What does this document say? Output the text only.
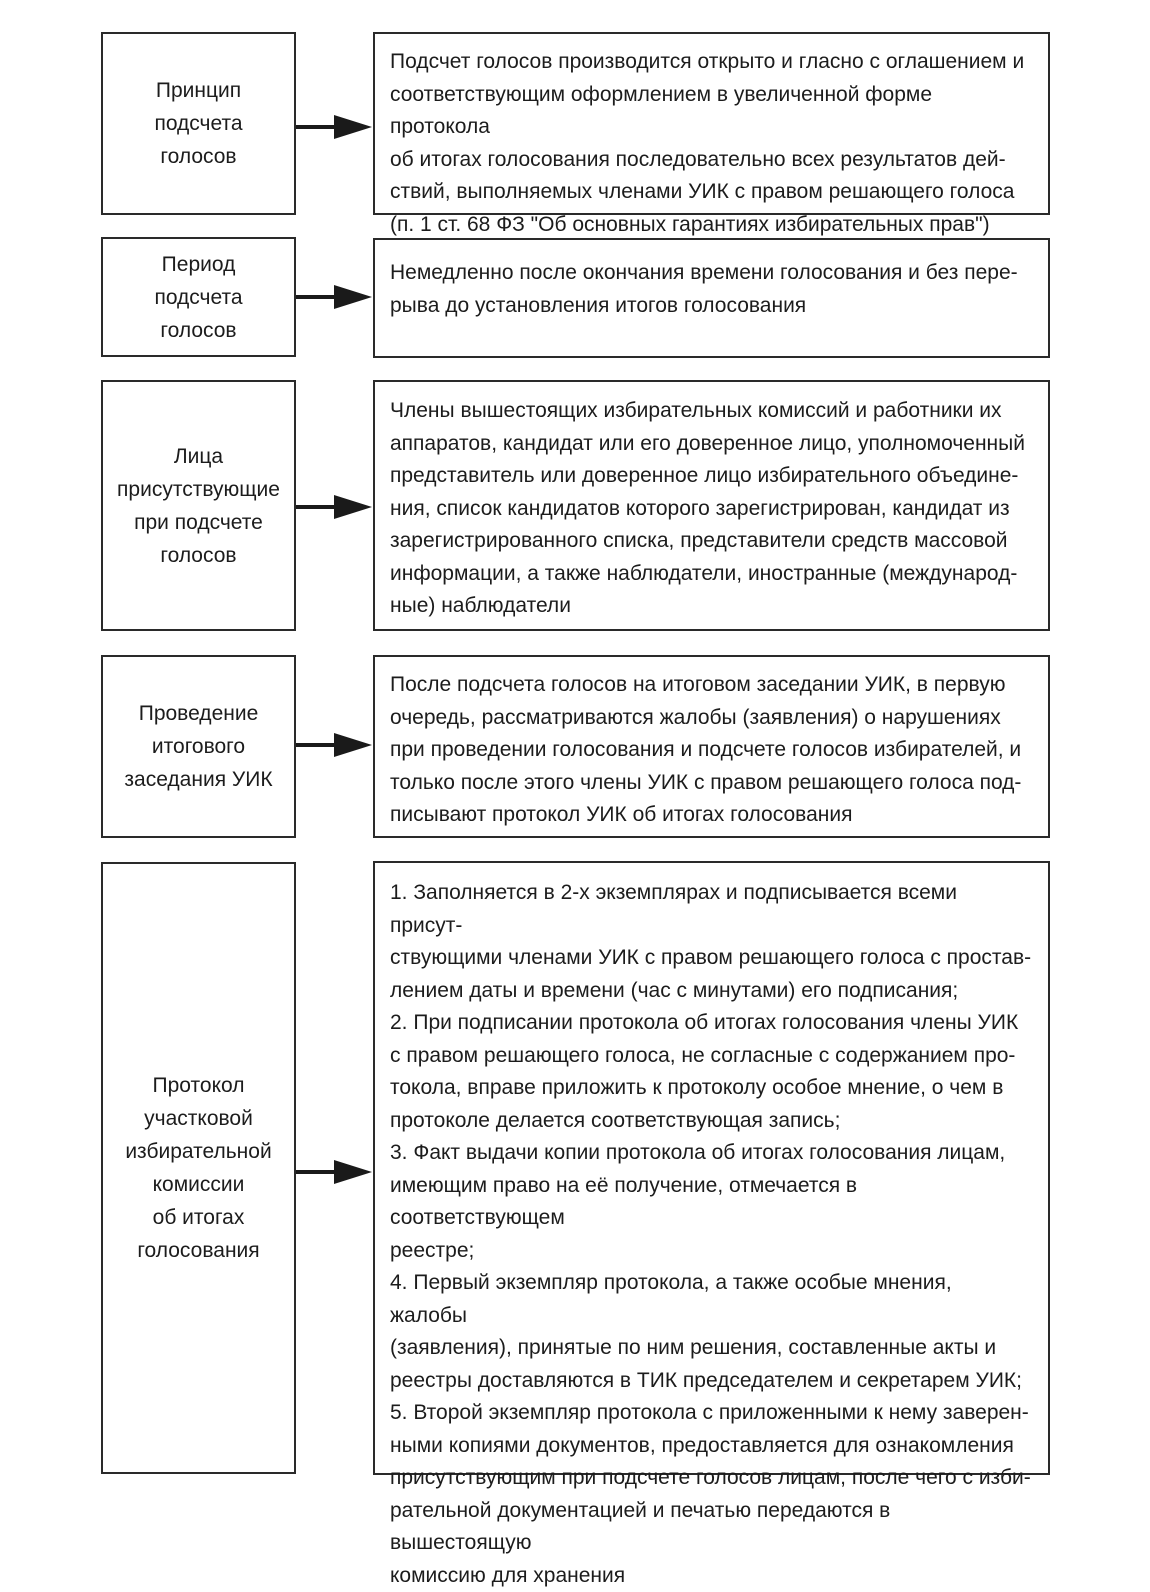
Принцип
подсчета
голосов
Подсчет голосов производится открыто и гласно с оглашением и
соответствующим оформлением в увеличенной форме протокола
об итогах голосования последовательно всех результатов дей-
ствий, выполняемых членами УИК с правом решающего голоса
(п. 1 ст. 68 ФЗ "Об основных гарантиях избирательных прав")
Период
подсчета
голосов
Немедленно после окончания времени голосования и без пере-
рыва до установления итогов голосования
Лица
присутствующие
при подсчете
голосов
Члены вышестоящих избирательных комиссий и работники их
аппаратов, кандидат или его доверенное лицо, уполномоченный
представитель или доверенное лицо избирательного объедине-
ния, список кандидатов которого зарегистрирован, кандидат из
зарегистрированного списка, представители средств массовой
информации, а также наблюдатели, иностранные (международ-
ные) наблюдатели
Проведение
итогового
заседания УИК
После подсчета голосов на итоговом заседании УИК, в первую
очередь, рассматриваются жалобы (заявления) о нарушениях
при проведении голосования и подсчете голосов избирателей, и
только после этого члены УИК с правом решающего голоса под-
писывают протокол УИК об итогах голосования
Протокол
участковой
избирательной
комиссии
об итогах
голосования
1. Заполняется в 2-х экземплярах и подписывается всеми присут-
ствующими членами УИК с правом решающего голоса с простав-
лением даты и времени (час с минутами) его подписания;
2. При подписании протокола об итогах голосования члены УИК
с правом решающего голоса, не согласные с содержанием про-
токола, вправе приложить к протоколу особое мнение, о чем в
протоколе делается соответствующая запись;
3. Факт выдачи копии протокола об итогах голосования лицам,
имеющим право на её получение, отмечается в соответствующем
реестре;
4. Первый экземпляр протокола, а также особые мнения, жалобы
(заявления), принятые по ним решения, составленные акты и
реестры доставляются в ТИК председателем и секретарем УИК;
5. Второй экземпляр протокола с приложенными к нему заверен-
ными копиями документов, предоставляется для ознакомления
присутствующим при подсчете голосов лицам, после чего с изби-
рательной документацией и печатью передаются в вышестоящую
комиссию для хранения
